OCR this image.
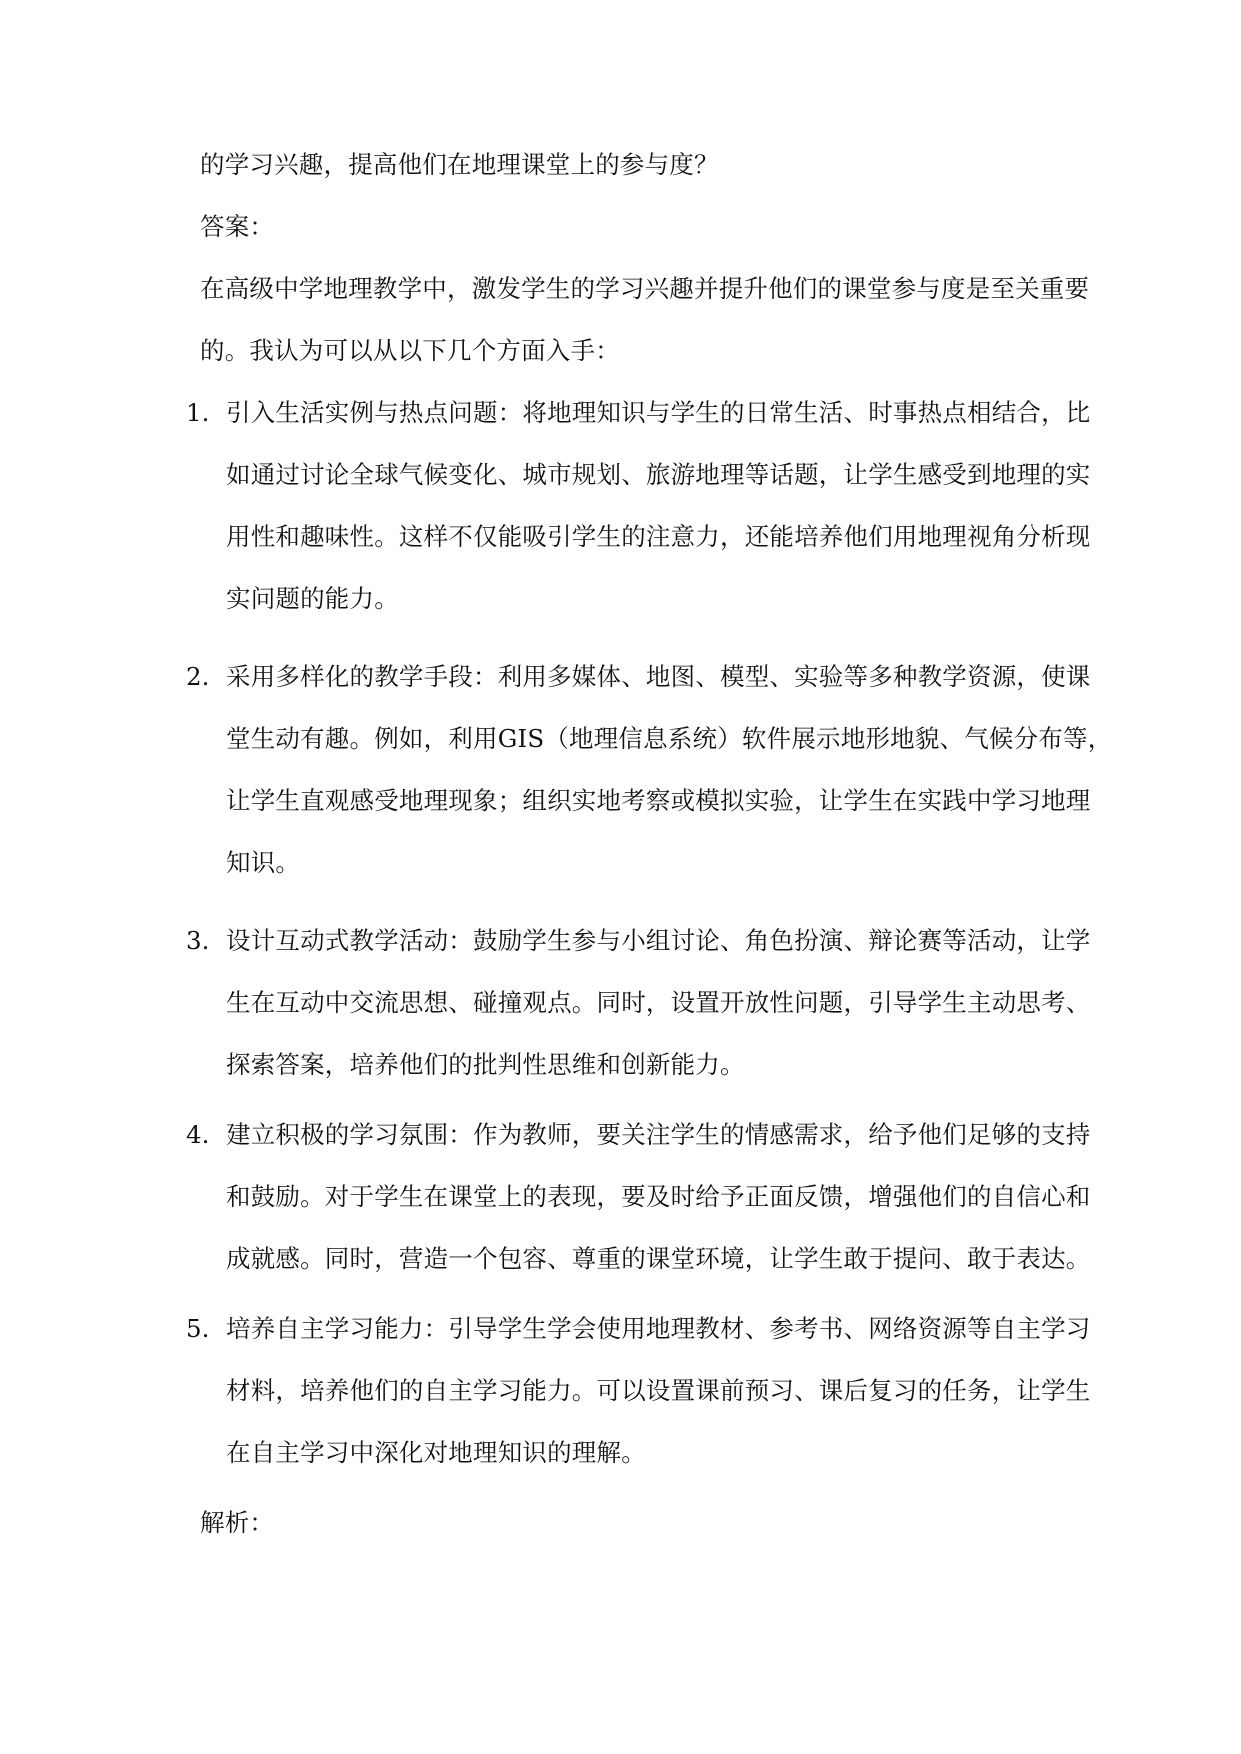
的学习兴趣，提高他们在地理课堂上的参与度？
答案：
在高级中学地理教学中，激发学生的学习兴趣并提升他们的课堂参与度是至关重要
的。我认为可以从以下几个方面入手：
1. 引入生活实例与热点问题：将地理知识与学生的日常生活、时事热点相结合，比
如通过讨论全球气候变化、城市规划、旅游地理等话题，让学生感受到地理的实
用性和趣味性。这样不仅能吸引学生的注意力，还能培养他们用地理视角分析现
实问题的能力。
2. 采用多样化的教学手段：利用多媒体、地图、模型、实验等多种教学资源，使课
堂生动有趣。例如，利用GIS（地理信息系统）软件展示地形地貌、气候分布等，
让学生直观感受地理现象；组织实地考察或模拟实验，让学生在实践中学习地理
知识。
3. 设计互动式教学活动：鼓励学生参与小组讨论、角色扮演、辩论赛等活动，让学
生在互动中交流思想、碰撞观点。同时，设置开放性问题，引导学生主动思考、
探索答案，培养他们的批判性思维和创新能力。
4. 建立积极的学习氛围：作为教师，要关注学生的情感需求，给予他们足够的支持
和鼓励。对于学生在课堂上的表现，要及时给予正面反馈，增强他们的自信心和
成就感。同时，营造一个包容、尊重的课堂环境，让学生敢于提问、敢于表达。
5. 培养自主学习能力：引导学生学会使用地理教材、参考书、网络资源等自主学习
材料，培养他们的自主学习能力。可以设置课前预习、课后复习的任务，让学生
在自主学习中深化对地理知识的理解。
解析：
